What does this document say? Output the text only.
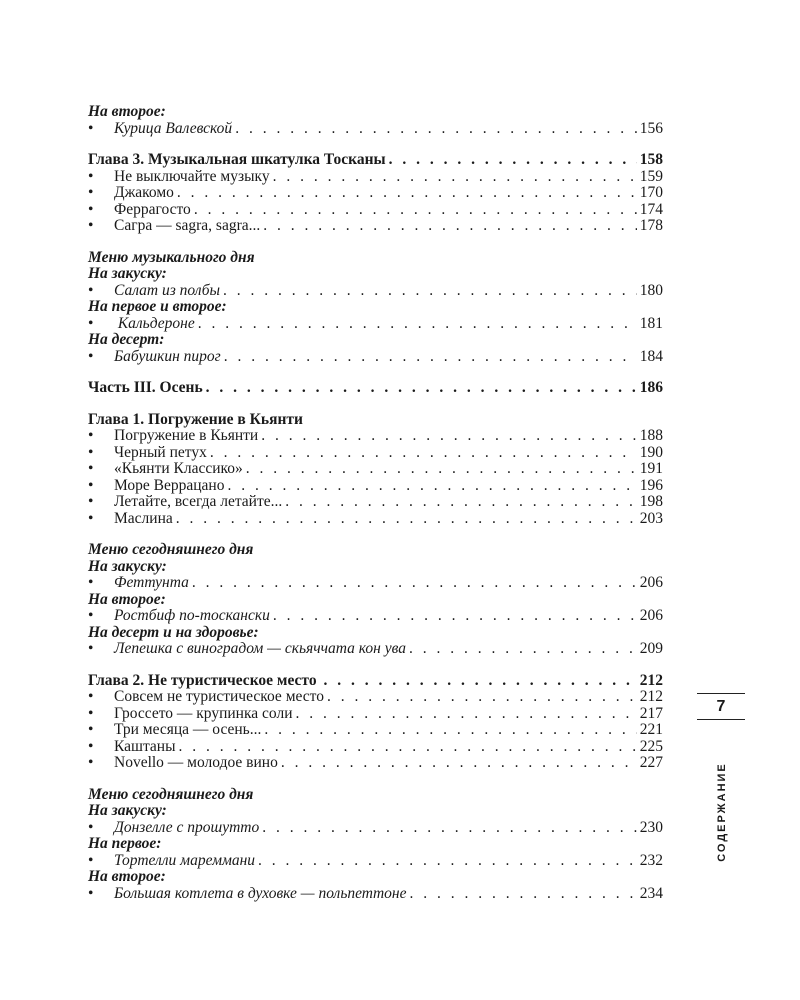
На второе:
•
Курица Валевской . . .	156
Глава 3. Музыкальная шкатулка Тосканы . . .	158
•
Не выключайте музыку . . .	159
•
Джакомо . . .	170
•
Феррагосто . . .	174
•
Сагра — sagra, sagra... . . .	178
Меню музыкального дня
На закуску:
•
Салат из полбы . . .	180
На первое и второе:
•
Кальдероне . . .	181
На десерт:
•
Бабушкин пирог . . .	184
Часть III. Осень . . .	186
Глава 1. Погружение в Кьянти
•
Погружение в Кьянти . . .	188
•
Черный петух . . .	190
•
«Кьянти Классико» . . .	191
•
Море Веррацано . . .	196
•
Летайте, всегда летайте... . . .	198
•
Маслина . . .	203
Меню сегодняшнего дня
На закуску:
•
Феттунта . . .	206
На второе:
•
Ростбиф по-тоскански . . .	206
На десерт и на здоровье:
•
Лепешка с виноградом — скьяччата кон ува . . .	209
Глава 2. Не туристическое место . . .	212
•
Совсем не туристическое место . . .	212
•
Гроссето — крупинка соли . . .	217
•
Три месяца — осень... . . .	221
•
Каштаны . . .	225
•
Novello — молодое вино . . .	227
Меню сегодняшнего дня
На закуску:
•
Донзелле с прошутто . . .	230
На первое:
•
Тортелли мареммани . . .	232
На второе:
•
Большая котлета в духовке — польпеттоне . . .	234
7
СОДЕРЖАНИЕ
